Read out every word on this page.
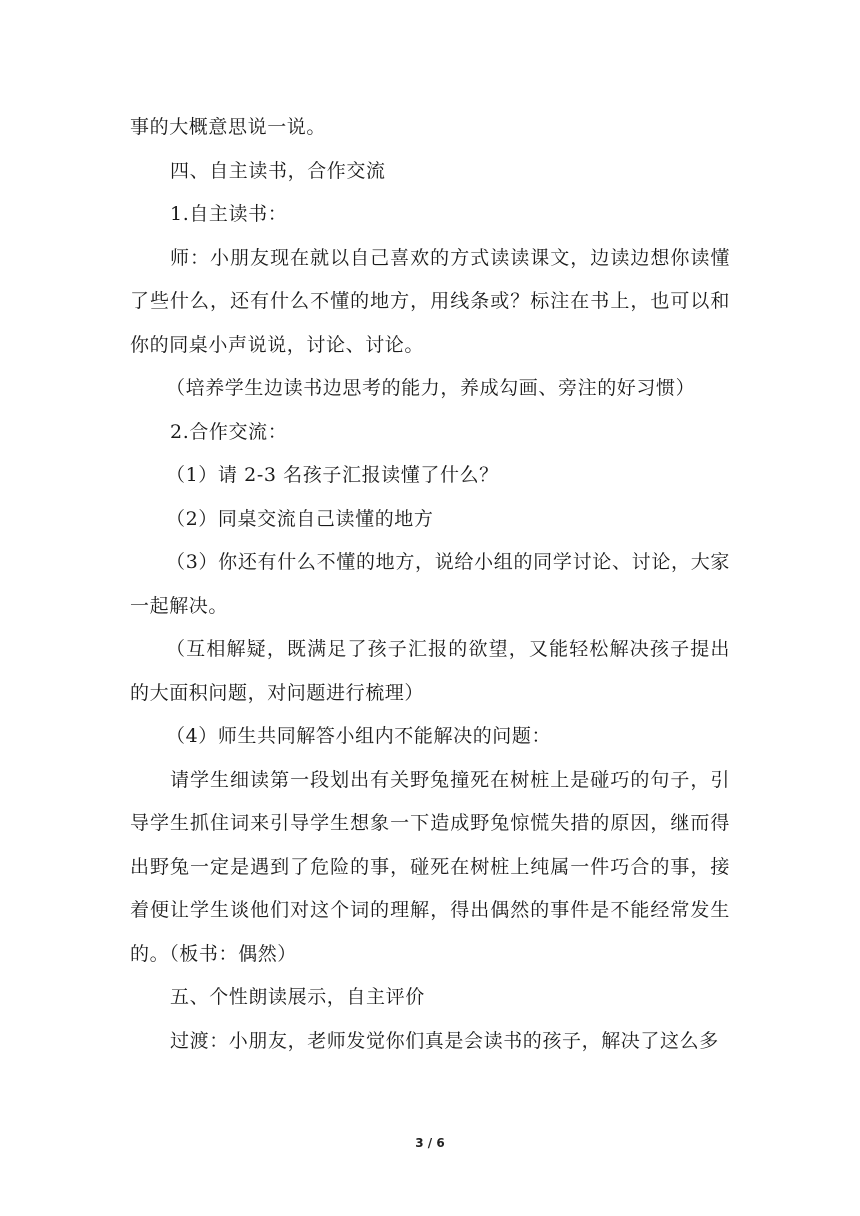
事的大概意思说一说。

四、自主读书，合作交流

1.自主读书：

师：小朋友现在就以自己喜欢的方式读读课文，边读边想你读懂了些什么，还有什么不懂的地方，用线条或？标注在书上，也可以和你的同桌小声说说，讨论、讨论。

（培养学生边读书边思考的能力，养成勾画、旁注的好习惯）

2.合作交流：

（1）请 2-3 名孩子汇报读懂了什么？

（2）同桌交流自己读懂的地方

（3）你还有什么不懂的地方，说给小组的同学讨论、讨论，大家一起解决。

（互相解疑，既满足了孩子汇报的欲望，又能轻松解决孩子提出的大面积问题，对问题进行梳理）

（4）师生共同解答小组内不能解决的问题：

请学生细读第一段划出有关野兔撞死在树桩上是碰巧的句子，引导学生抓住词来引导学生想象一下造成野兔惊慌失措的原因，继而得出野兔一定是遇到了危险的事，碰死在树桩上纯属一件巧合的事，接着便让学生谈他们对这个词的理解，得出偶然的事件是不能经常发生的。（板书：偶然）

五、个性朗读展示，自主评价

过渡：小朋友，老师发觉你们真是会读书的孩子，解决了这么多

3 / 6
